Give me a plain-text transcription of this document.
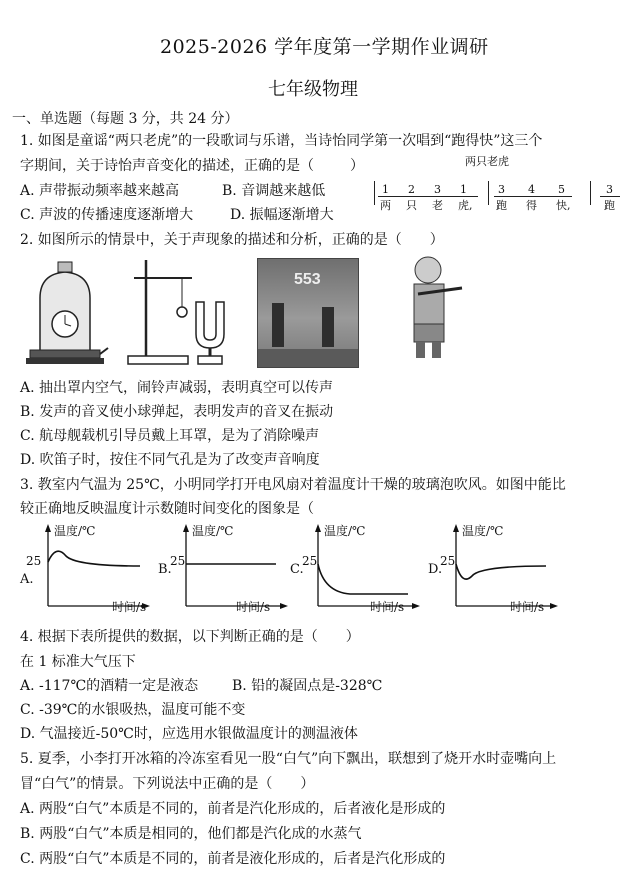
2025-2026 学年度第一学期作业调研
七年级物理
一、单选题（每题 3 分，共 24 分）
1. 如图是童谣“两只老虎”的一段歌词与乐谱，当诗怡同学第一次唱到“跑得快”这三个
字期间，关于诗怡声音变化的描述，正确的是（	）
A. 声带振动频率越来越高	B. 音调越来越低
C. 声波的传播速度逐渐增大	D. 振幅逐渐增大
两只老虎
1 2 3 1	3 4 5	3
两 只 老 虎, 跑 得 快,	跑
2. 如图所示的情景中，关于声现象的描述和分析，正确的是（　　）
553
A. 抽出罩内空气，闹铃声减弱，表明真空可以传声
B. 发声的音叉使小球弹起，表明发声的音叉在振动
C. 航母舰载机引导员戴上耳罩，是为了消除噪声
D. 吹笛子时，按住不同气孔是为了改变声音响度
3. 教室内气温为 25℃，小明同学打开电风扇对着温度计干燥的玻璃泡吹风。如图中能比
较正确地反映温度计示数随时间变化的图象是（
A.
25
温度/℃
时间/s
B.
25
温度/℃
时间/s
C.
25
温度/℃
时间/s
D.
25
温度/℃
时间/s
4. 根据下表所提供的数据，以下判断正确的是（　　）
在 1 标准大气压下
A. -117℃的酒精一定是液态 B. 铅的凝固点是-328℃
C. -39℃的水银吸热，温度可能不变
D. 气温接近-50℃时，应选用水银做温度计的测温液体
5. 夏季，小李打开冰箱的冷冻室看见一股“白气”向下飘出，联想到了烧开水时壶嘴向上
冒“白气”的情景。下列说法中正确的是（　　）
A. 两股“白气”本质是不同的，前者是汽化形成的，后者液化是形成的
B. 两股“白气”本质是相同的，他们都是汽化成的水蒸气
C. 两股“白气”本质是不同的，前者是液化形成的，后者是汽化形成的
